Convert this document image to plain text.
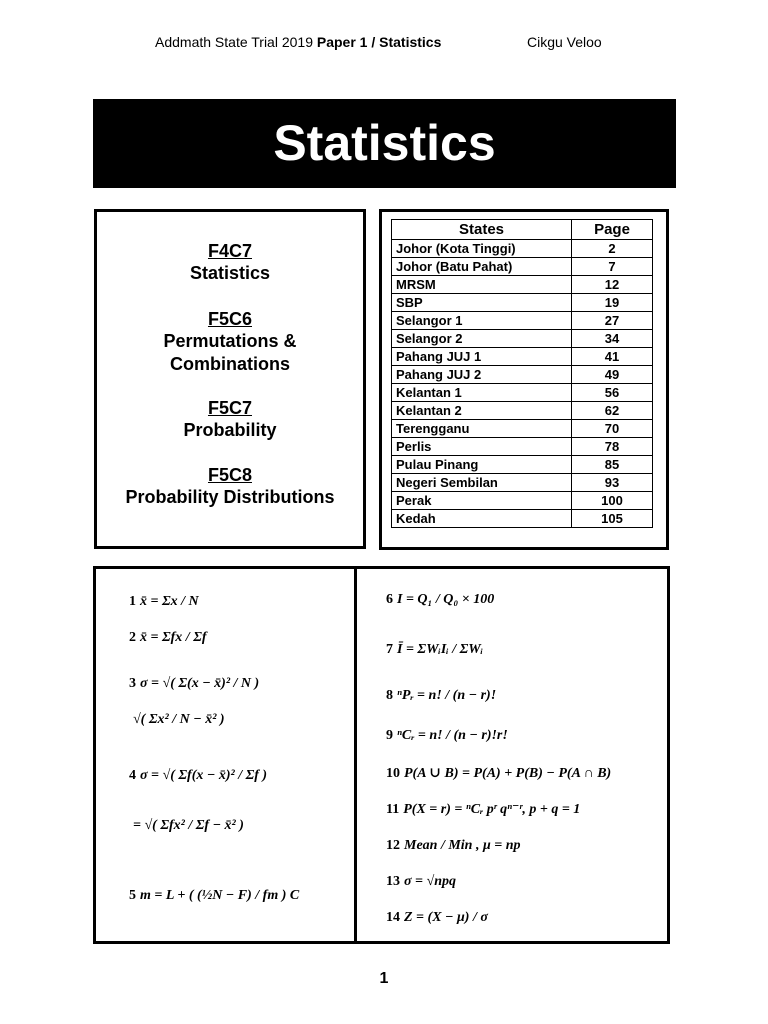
Addmath State Trial 2019 Paper 1 / Statistics	Cikgu Veloo
Statistics
F4C7
Statistics
F5C6
Permutations &
Combinations
F5C7
Probability
F5C8
Probability Distributions
States	Page
Johor (Kota Tinggi)	2
Johor (Batu Pahat)	7
MRSM	12
SBP	19
Selangor 1	27
Selangor 2	34
Pahang JUJ 1	41
Pahang JUJ 2	49
Kelantan 1	56
Kelantan 2	62
Terengganu	70
Perlis	78
Pulau Pinang	85
Negeri Sembilan	93
Perak	100
Kedah	105
1 x̄ = Σx / N
2 x̄ = Σfx / Σf
3 σ = √( Σ(x − x̄)² / N )
√( Σx² / N − x̄² )
4 σ = √( Σf(x − x̄)² / Σf )
= √( Σfx² / Σf − x̄² )
5 m = L + ( (½N − F) / fm ) C
6 I = Q₁ / Q₀ × 100
7 Ī = ΣWᵢIᵢ / ΣWᵢ
8 ⁿPᵣ = n! / (n − r)!
9 ⁿCᵣ = n! / (n − r)!r!
10 P(A ∪ B) = P(A) + P(B) − P(A ∩ B)
11 P(X = r) = ⁿCᵣ pʳ qⁿ⁻ʳ, p + q = 1
12 Mean / Min , μ = np
13 σ = √npq
14 Z = (X − μ) / σ
1
